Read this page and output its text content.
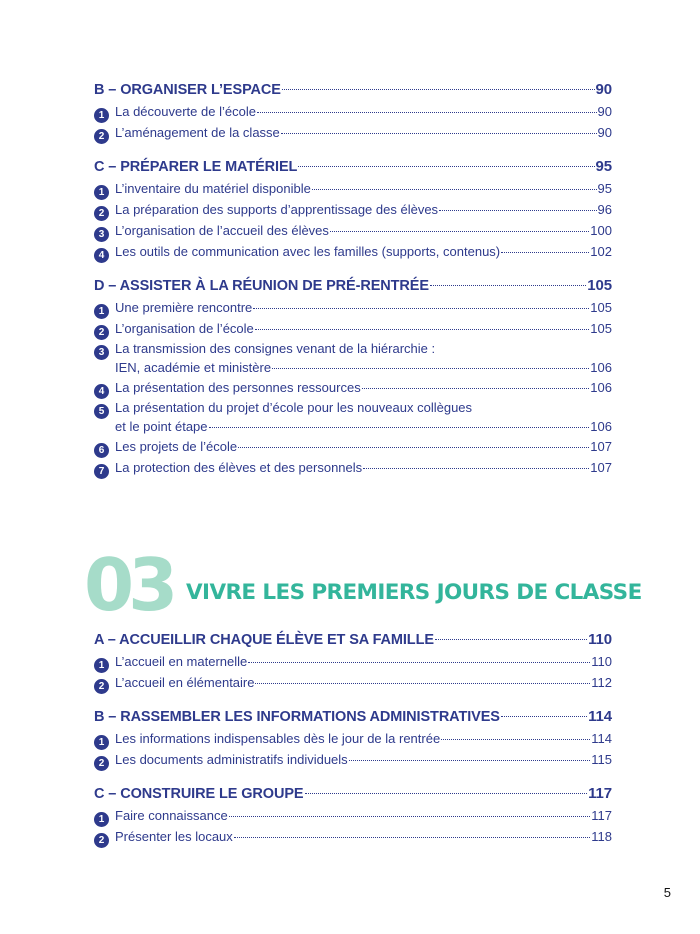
B – ORGANISER L’ESPACE	90
1 La découverte de l’école	90
2 L’aménagement de la classe	90
C – PRÉPARER LE MATÉRIEL	95
1 L’inventaire du matériel disponible	95
2 La préparation des supports d’apprentissage des élèves	96
3 L’organisation de l’accueil des élèves	100
4 Les outils de communication avec les familles (supports, contenus)	102
D – ASSISTER À LA RÉUNION DE PRÉ-RENTRÉE	105
1 Une première rencontre	105
2 L’organisation de l’école	105
3 La transmission des consignes venant de la hiérarchie :
IEN, académie et ministère	106
4 La présentation des personnes ressources	106
5 La présentation du projet d’école pour les nouveaux collègues
et le point étape	106
6 Les projets de l’école	107
7 La protection des élèves et des personnels	107
03 VIVRE LES PREMIERS JOURS DE CLASSE
A – ACCUEILLIR CHAQUE ÉLÈVE ET SA FAMILLE	110
1 L’accueil en maternelle	110
2 L’accueil en élémentaire	112
B – RASSEMBLER LES INFORMATIONS ADMINISTRATIVES	114
1 Les informations indispensables dès le jour de la rentrée	114
2 Les documents administratifs individuels	115
C – CONSTRUIRE LE GROUPE	117
1 Faire connaissance	117
2 Présenter les locaux	118
5
